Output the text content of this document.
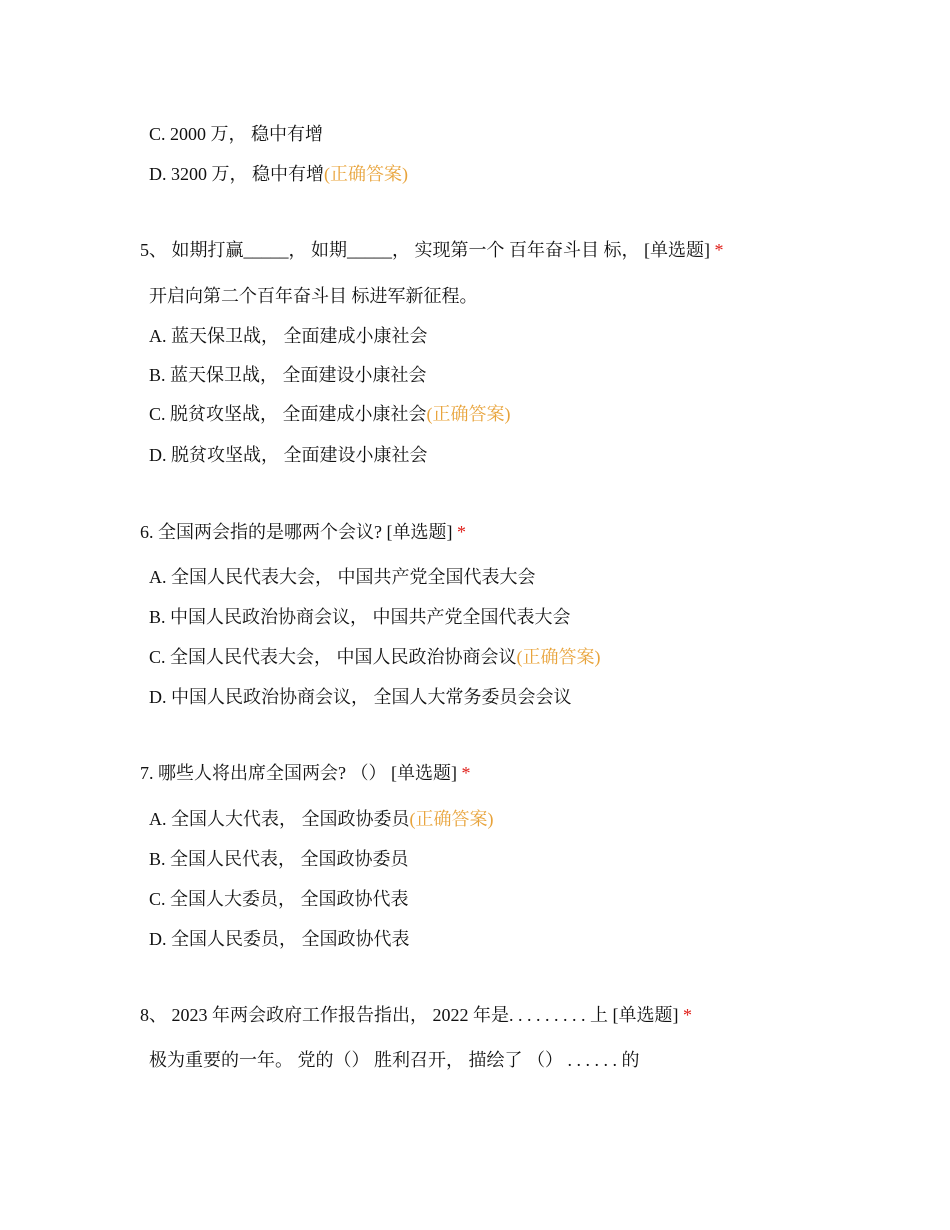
C. 2000 万， 稳中有增
D. 3200 万， 稳中有增(正确答案)
5、 如期打赢_____， 如期_____， 实现第一个 百年奋斗目 标， [单选题] *
开启向第二个百年奋斗目 标进军新征程。
A. 蓝天保卫战， 全面建成小康社会
B. 蓝天保卫战， 全面建设小康社会
C. 脱贫攻坚战， 全面建成小康社会(正确答案)
D. 脱贫攻坚战， 全面建设小康社会
6. 全国两会指的是哪两个会议? [单选题] *
A. 全国人民代表大会， 中国共产党全国代表大会
B. 中国人民政治协商会议， 中国共产党全国代表大会
C. 全国人民代表大会， 中国人民政治协商会议(正确答案)
D. 中国人民政治协商会议， 全国人大常务委员会会议
7. 哪些人将出席全国两会? （） [单选题] *
A. 全国人大代表， 全国政协委员(正确答案)
B. 全国人民代表， 全国政协委员
C. 全国人大委员， 全国政协代表
D. 全国人民委员， 全国政协代表
8、 2023 年两会政府工作报告指出， 2022 年是. . . . . . . . . 上 [单选题] *
极为重要的一年。 党的（） 胜利召开， 描绘了 （） . . . . . . 的
